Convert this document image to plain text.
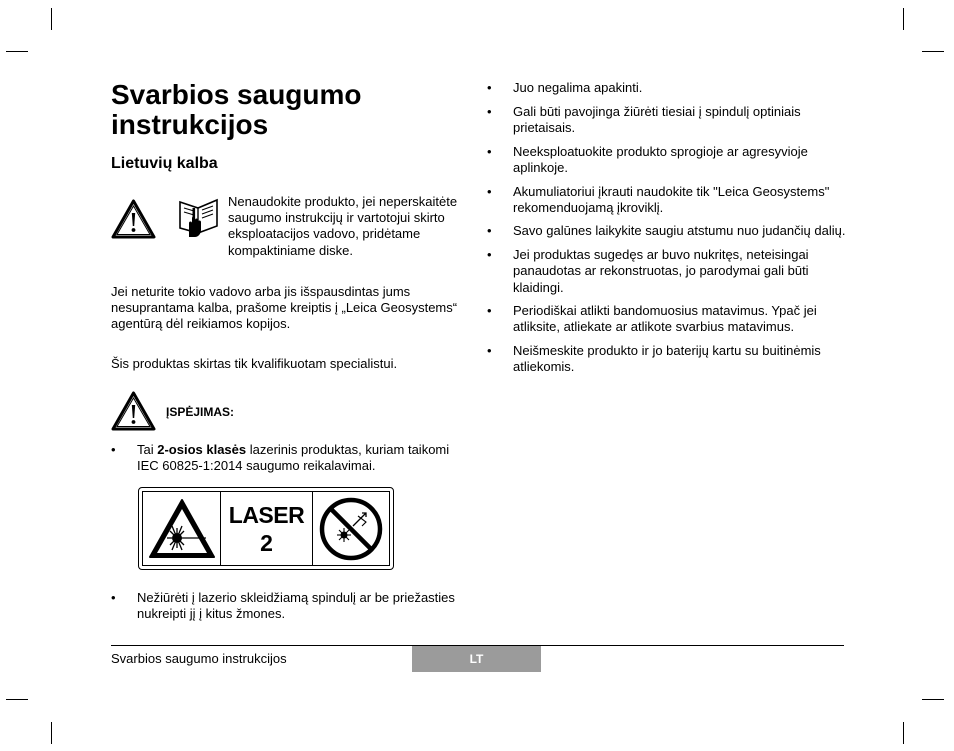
Svarbios saugumo instrukcijos
Lietuvių kalba
Nenaudokite produkto, jei neperskaitėte saugumo instrukcijų ir vartotojui skirto eksploatacijos vadovo, pridėtame kompaktiniame diske.
Jei neturite tokio vadovo arba jis išspausdintas jums nesuprantama kalba, prašome kreiptis į „Leica Geosystems“ agentūrą dėl reikiamos kopijos.
Šis produktas skirtas tik kvalifikuotam specialistui.
ĮSPĖJIMAS:
• Tai 2-osios klasės lazerinis produktas, kuriam taikomi IEC 60825-1:2014 saugumo reikalavimai.
LASER
2
• Nežiūrėti į lazerio skleidžiamą spindulį ar be priežasties nukreipti jį į kitus žmones.
• Juo negalima apakinti.
• Gali būti pavojinga žiūrėti tiesiai į spindulį optiniais prietaisais.
• Neeksploatuokite produkto sprogioje ar agresyvioje aplinkoje.
• Akumuliatoriui įkrauti naudokite tik "Leica Geosystems" rekomenduojamą įkroviklį.
• Savo galūnes laikykite saugiu atstumu nuo judančių dalių.
• Jei produktas sugedęs ar buvo nukritęs, neteisingai panaudotas ar rekonstruotas, jo parodymai gali būti klaidingi.
• Periodiškai atlikti bandomuosius matavimus. Ypač jei atliksite, atliekate ar atlikote svarbius matavimus.
• Neišmeskite produkto ir jo baterijų kartu su buitinėmis atliekomis.
Svarbios saugumo instrukcijos	LT
